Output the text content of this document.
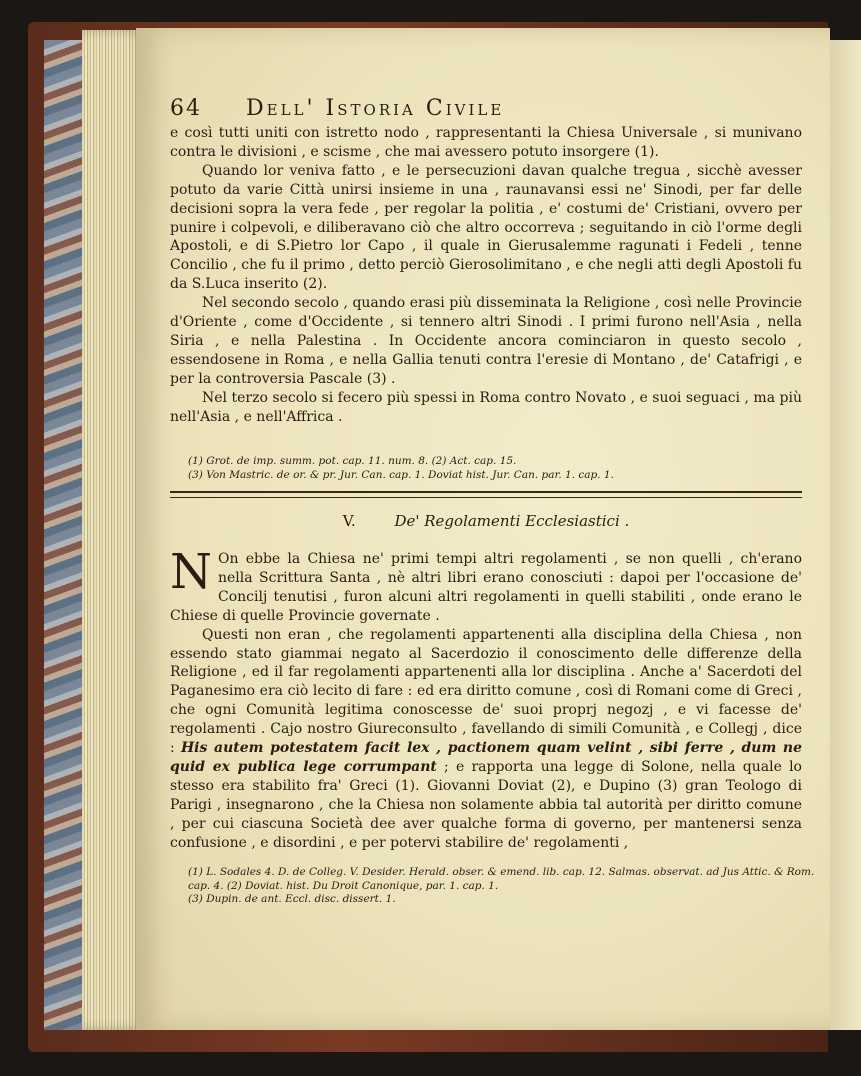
64 Dell' Istoria Civile

e così tutti uniti con istretto nodo , rappresentanti la Chiesa Universale , si munivano contra le divisioni , e scisme , che mai avessero potuto insorgere (1).

Quando lor veniva fatto , e le persecuzioni davan qualche tregua , sicchè avesser potuto da varie Città unirsi insieme in una , raunavansi essi ne' Sinodi, per far delle decisioni sopra la vera fede , per regolar la politia , e' costumi de' Cristiani, ovvero per punire i colpevoli, e diliberavano ciò che altro occorreva ; seguitando in ciò l'orme degli Apostoli, e di S.Pietro lor Capo , il quale in Gierusalemme ragunati i Fedeli , tenne Concilio , che fu il primo , detto perciò Gierosolimitano , e che negli atti degli Apostoli fu da S.Luca inserito (2).

Nel secondo secolo , quando erasi più disseminata la Religione , così nelle Provincie d'Oriente , come d'Occidente , si tennero altri Sinodi . I primi furono nell'Asia , nella Siria , e nella Palestina . In Occidente ancora cominciaron in questo secolo , essendosene in Roma , e nella Gallia tenuti contra l'eresie di Montano , de' Catafrigi , e per la controversia Pascale (3) .

Nel terzo secolo si fecero più spessi in Roma contro Novato , e suoi seguaci , ma più nell'Asia , e nell'Affrica .

(1) Grot. de imp. summ. pot. cap. 11. num. 8. (2) Act. cap. 15.

(3) Von Mastric. de or. & pr. Jur. Can. cap. 1. Doviat hist. Jur. Can. par. 1. cap. 1.

V.	De' Regolamenti Ecclesiastici .

N On ebbe la Chiesa ne' primi tempi altri regolamenti , se non quelli , ch'erano nella Scrittura Santa , nè altri libri erano conosciuti : dapoi per l'occasione de' Concilj tenutisi , furon alcuni altri regolamenti in quelli stabiliti , onde erano le Chiese di quelle Provincie governate .

Questi non eran , che regolamenti appartenenti alla disciplina della Chiesa , non essendo stato giammai negato al Sacerdozio il conoscimento delle differenze della Religione , ed il far regolamenti appartenenti alla lor disciplina . Anche a' Sacerdoti del Paganesimo era ciò lecito di fare : ed era diritto comune , così di Romani come di Greci , che ogni Comunità legitima conoscesse de' suoi proprj negozj , e vi facesse de' regolamenti . Cajo nostro Giureconsulto , favellando di simili Comunità , e Collegj , dice : His autem potestatem facit lex , pactionem quam velint , sibi ferre , dum ne quid ex publica lege corrumpant ; e rapporta una legge di Solone, nella quale lo stesso era stabilito fra' Greci (1). Giovanni Doviat (2), e Dupino (3) gran Teologo di Parigi , insegnarono , che la Chiesa non solamente abbia tal autorità per diritto comune , per cui ciascuna Società dee aver qualche forma di governo, per mantenersi senza confusione , e disordini , e per potervi stabilire de' regolamenti ,

(1) L. Sodales 4. D. de Colleg. V. Desider. Herald. obser. & emend. lib. cap. 12. Salmas. observat. ad Jus Attic. & Rom. cap. 4. (2) Doviat. hist. Du Droit Canonique, par. 1. cap. 1.

(3) Dupin. de ant. Eccl. disc. dissert. 1.
